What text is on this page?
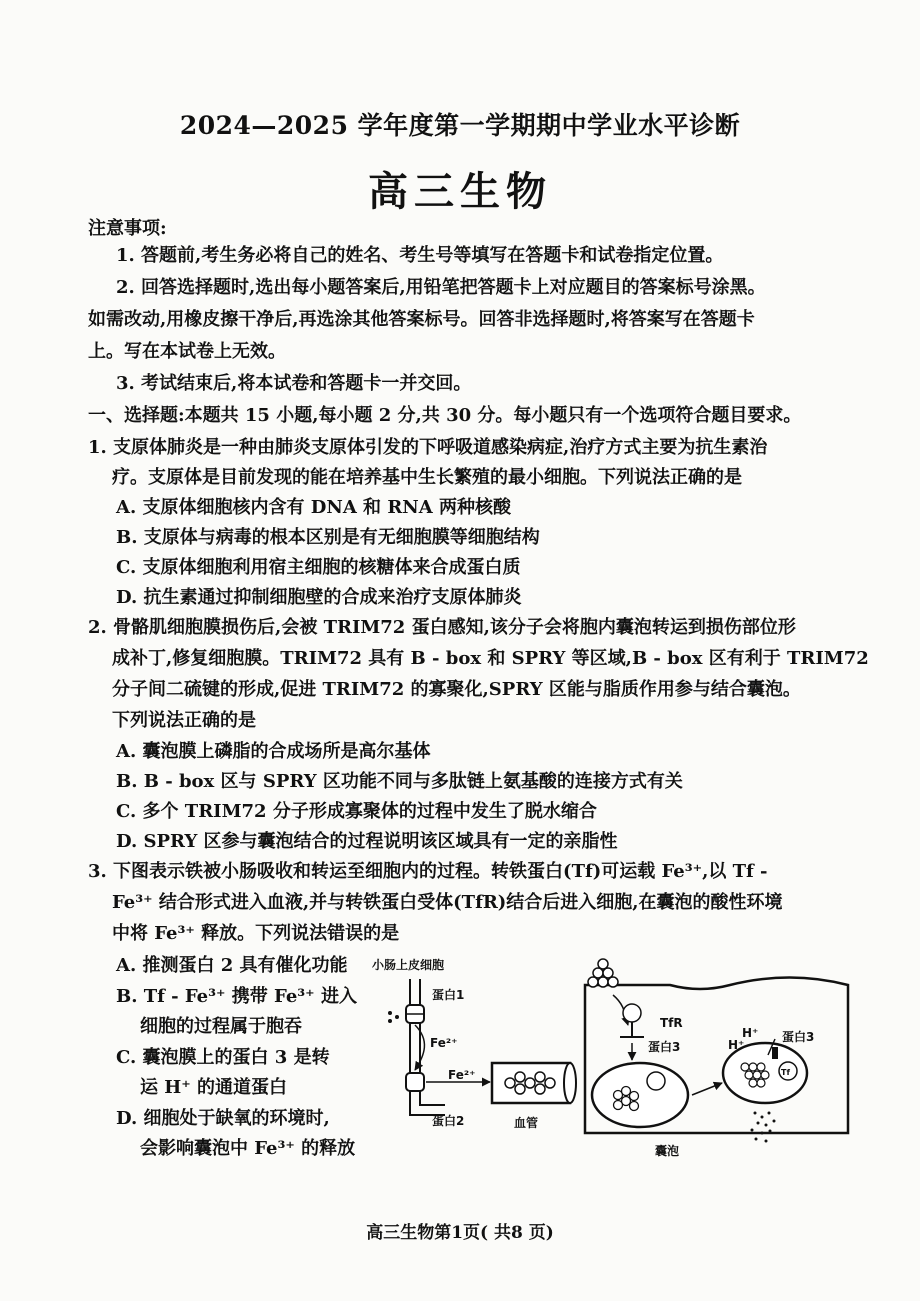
2024—2025 学年度第一学期期中学业水平诊断
高三生物
注意事项:
1. 答题前,考生务必将自己的姓名、考生号等填写在答题卡和试卷指定位置。
2. 回答选择题时,选出每小题答案后,用铅笔把答题卡上对应题目的答案标号涂黑。
如需改动,用橡皮擦干净后,再选涂其他答案标号。回答非选择题时,将答案写在答题卡
上。写在本试卷上无效。
3. 考试结束后,将本试卷和答题卡一并交回。
一、选择题:本题共 15 小题,每小题 2 分,共 30 分。每小题只有一个选项符合题目要求。
1. 支原体肺炎是一种由肺炎支原体引发的下呼吸道感染病症,治疗方式主要为抗生素治
疗。支原体是目前发现的能在培养基中生长繁殖的最小细胞。下列说法正确的是
A. 支原体细胞核内含有 DNA 和 RNA 两种核酸
B. 支原体与病毒的根本区别是有无细胞膜等细胞结构
C. 支原体细胞利用宿主细胞的核糖体来合成蛋白质
D. 抗生素通过抑制细胞壁的合成来治疗支原体肺炎
2. 骨骼肌细胞膜损伤后,会被 TRIM72 蛋白感知,该分子会将胞内囊泡转运到损伤部位形
成补丁,修复细胞膜。TRIM72 具有 B - box 和 SPRY 等区域,B - box 区有利于 TRIM72
分子间二硫键的形成,促进 TRIM72 的寡聚化,SPRY 区能与脂质作用参与结合囊泡。
下列说法正确的是
A. 囊泡膜上磷脂的合成场所是高尔基体
B. B - box 区与 SPRY 区功能不同与多肽链上氨基酸的连接方式有关
C. 多个 TRIM72 分子形成寡聚体的过程中发生了脱水缩合
D. SPRY 区参与囊泡结合的过程说明该区域具有一定的亲脂性
3. 下图表示铁被小肠吸收和转运至细胞内的过程。转铁蛋白(Tf)可运载 Fe³⁺,以 Tf -
Fe³⁺ 结合形式进入血液,并与转铁蛋白受体(TfR)结合后进入细胞,在囊泡的酸性环境
中将 Fe³⁺ 释放。下列说法错误的是
A. 推测蛋白 2 具有催化功能
B. Tf - Fe³⁺ 携带 Fe³⁺ 进入
细胞的过程属于胞吞
C. 囊泡膜上的蛋白 3 是转
运 H⁺ 的通道蛋白
D. 细胞处于缺氧的环境时,
会影响囊泡中 Fe³⁺ 的释放
小肠上皮细胞
蛋白1
Fe²⁺
蛋白2
Fe²⁺
血管
TfR
蛋白3
囊泡
H⁺
H⁺ 蛋白3
Tf
高三生物第1页( 共8 页)
